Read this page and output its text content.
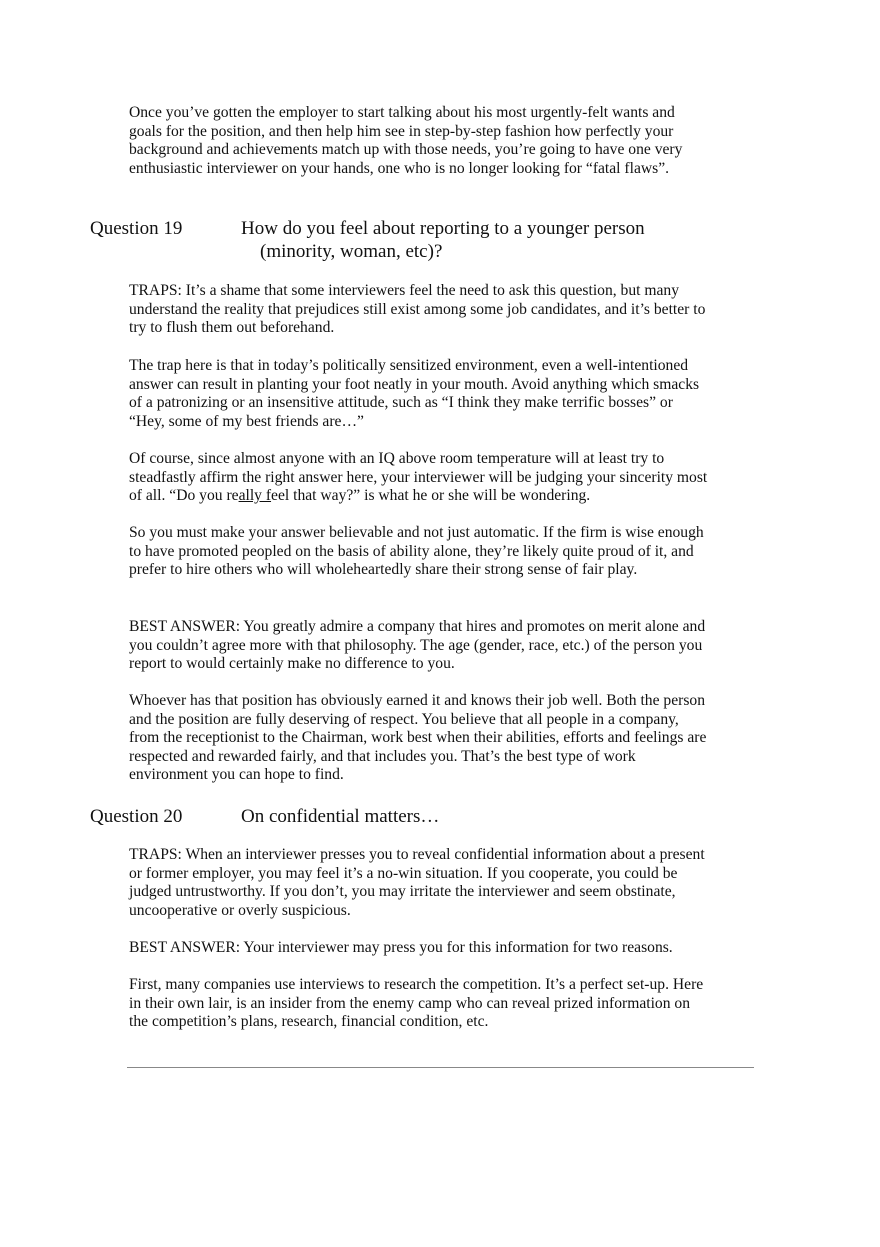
Once you’ve gotten the employer to start talking about his most urgently-felt wants and goals for the position, and then help him see in step-by-step fashion how perfectly your background and achievements match up with those needs, you’re going to have one very enthusiastic interviewer on your hands, one who is no longer looking for “fatal flaws”.

Question 19	How do you feel about reporting to a younger person
(minority, woman, etc)?

TRAPS: It’s a shame that some interviewers feel the need to ask this question, but many understand the reality that prejudices still exist among some job candidates, and it’s better to try to flush them out beforehand.

The trap here is that in today’s politically sensitized environment, even a well-intentioned answer can result in planting your foot neatly in your mouth. Avoid anything which smacks of a patronizing or an insensitive attitude, such as “I think they make terrific bosses” or “Hey, some of my best friends are…”

Of course, since almost anyone with an IQ above room temperature will at least try to steadfastly affirm the right answer here, your interviewer will be judging your sincerity most of all. “Do you really feel that way?” is what he or she will be wondering.

So you must make your answer believable and not just automatic. If the firm is wise enough to have promoted peopled on the basis of ability alone, they’re likely quite proud of it, and prefer to hire others who will wholeheartedly share their strong sense of fair play.

BEST ANSWER: You greatly admire a company that hires and promotes on merit alone and you couldn’t agree more with that philosophy. The age (gender, race, etc.) of the person you report to would certainly make no difference to you.

Whoever has that position has obviously earned it and knows their job well. Both the person and the position are fully deserving of respect. You believe that all people in a company, from the receptionist to the Chairman, work best when their abilities, efforts and feelings are respected and rewarded fairly, and that includes you. That’s the best type of work environment you can hope to find.

Question 20	On confidential matters…

TRAPS: When an interviewer presses you to reveal confidential information about a present or former employer, you may feel it’s a no-win situation. If you cooperate, you could be judged untrustworthy. If you don’t, you may irritate the interviewer and seem obstinate, uncooperative or overly suspicious.

BEST ANSWER: Your interviewer may press you for this information for two reasons.

First, many companies use interviews to research the competition. It’s a perfect set-up. Here in their own lair, is an insider from the enemy camp who can reveal prized information on the competition’s plans, research, financial condition, etc.
